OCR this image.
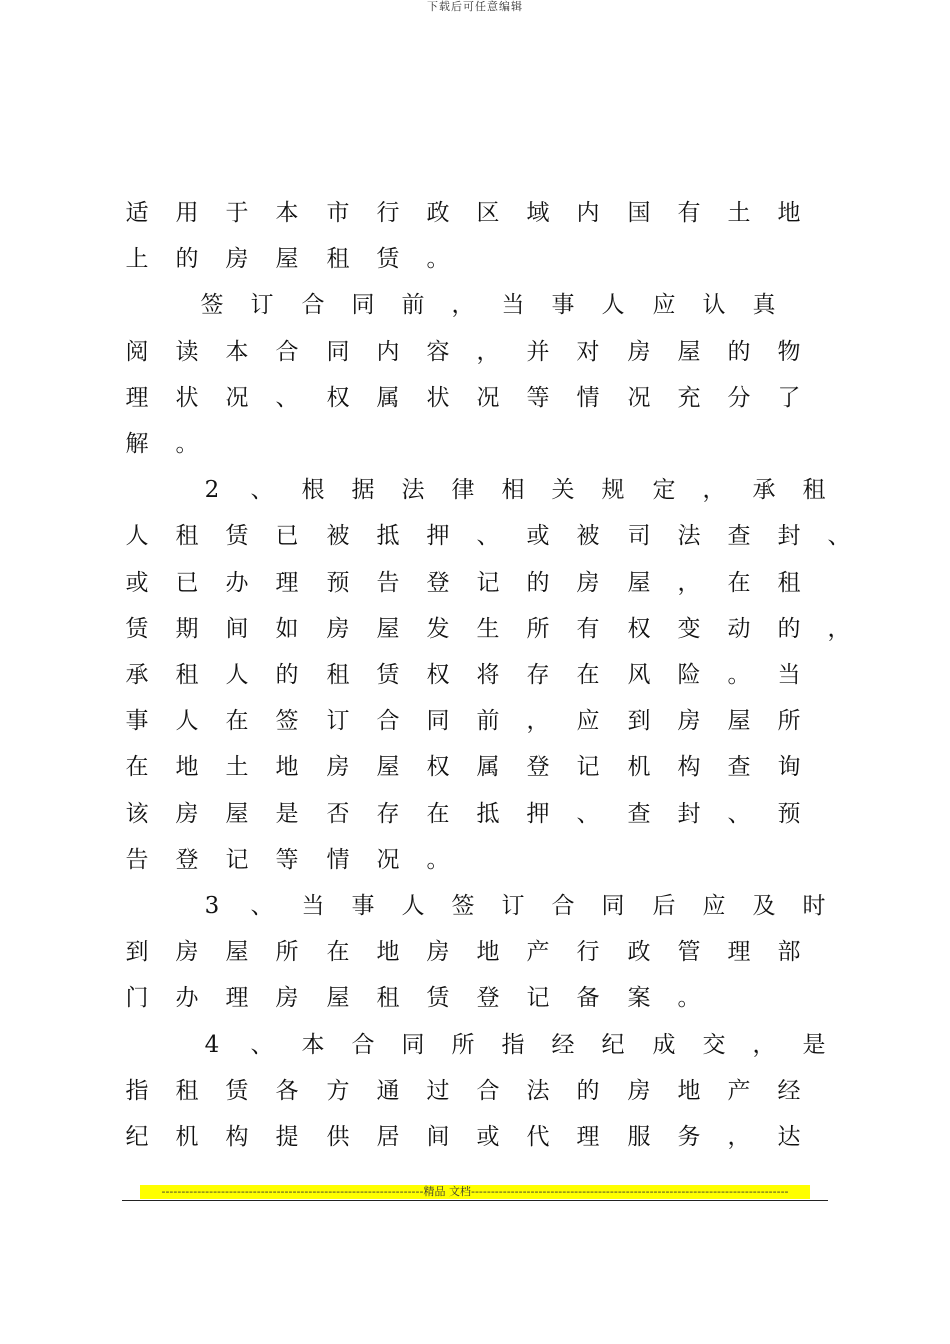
下载后可任意编辑
适 用 于 本 市 行 政 区 域 内 国 有 土 地
上 的 房 屋 租 赁 。
签 订 合 同 前 ， 当 事 人 应 认 真
阅 读 本 合 同 内 容 ， 并 对 房 屋 的 物
理 状 况 、 权 属 状 况 等 情 况 充 分 了
解 。
2	、 根 据 法 律 相 关 规 定 ， 承 租
人 租 赁 已 被 抵 押 、 或 被 司 法 查 封 、
或 已 办 理 预 告 登 记 的 房 屋 ， 在 租
赁 期 间 如 房 屋 发 生 所 有 权 变 动 的 ，
承 租 人 的 租 赁 权 将 存 在 风 险 。 当
事 人 在 签 订 合 同 前 ， 应 到 房 屋 所
在 地 土 地 房 屋 权 属 登 记 机 构 查 询
该 房 屋 是 否 存 在 抵 押 、 查 封 、 预
告 登 记 等 情 况 。
3	、 当 事 人 签 订 合 同 后 应 及 时
到 房 屋 所 在 地 房 地 产 行 政 管 理 部
门 办 理 房 屋 租 赁 登 记 备 案 。
4	、 本 合 同 所 指 经 纪 成 交 ， 是
指 租 赁 各 方 通 过 合 法 的 房 地 产 经
纪 机 构 提 供 居 间 或 代 理 服 务 ， 达
------------------------------------------------------------------精品 文档--------------------------------------------------------------------------------
